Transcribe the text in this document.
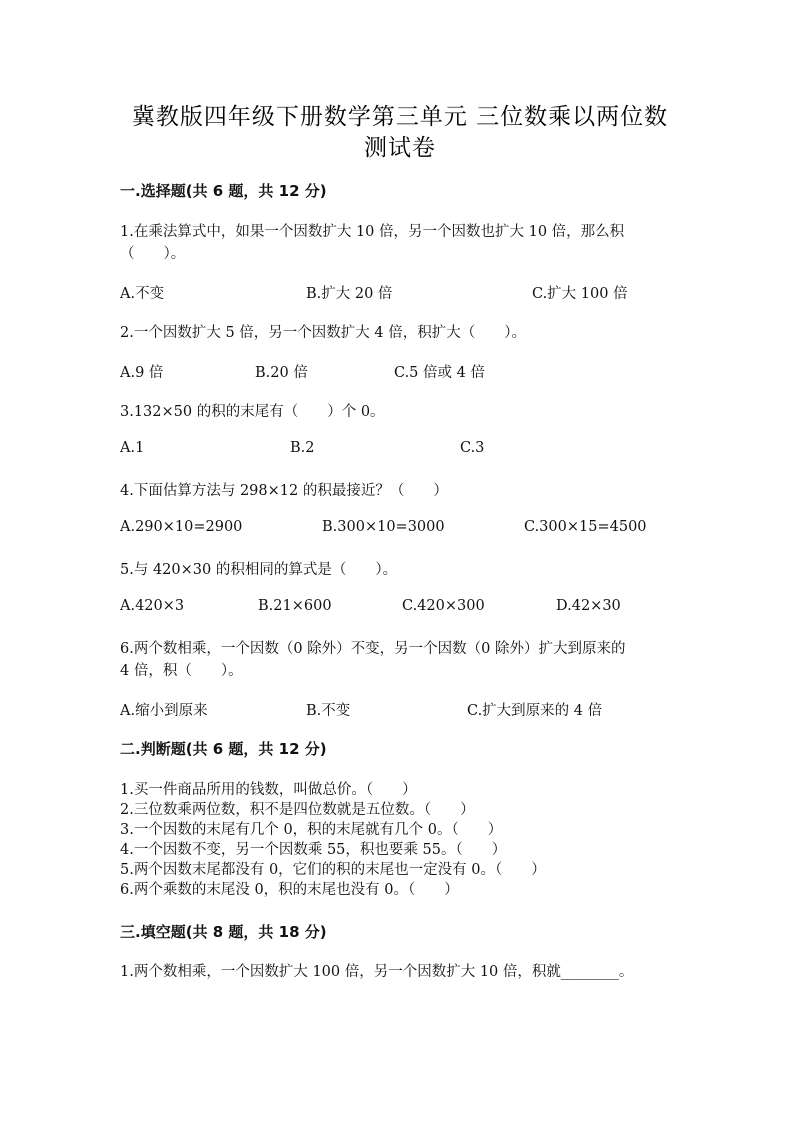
冀教版四年级下册数学第三单元 三位数乘以两位数
测试卷
一.选择题(共 6 题，共 12 分)
1.在乘法算式中，如果一个因数扩大 10 倍，另一个因数也扩大 10 倍，那么积
（　　）。
A.不变	B.扩大 20 倍	C.扩大 100 倍
2.一个因数扩大 5 倍，另一个因数扩大 4 倍，积扩大（　　）。
A.9 倍	B.20 倍	C.5 倍或 4 倍
3.132×50 的积的末尾有（　　）个 0。
A.1	B.2	C.3
4.下面估算方法与 298×12 的积最接近？（　　）
A.290×10=2900	B.300×10=3000	C.300×15=4500
5.与 420×30 的积相同的算式是（　　）。
A.420×3	B.21×600	C.420×300	D.42×30
6.两个数相乘，一个因数（0 除外）不变，另一个因数（0 除外）扩大到原来的
4 倍，积（　　）。
A.缩小到原来	B.不变	C.扩大到原来的 4 倍
二.判断题(共 6 题，共 12 分)
1.买一件商品所用的钱数，叫做总价。（　　）
2.三位数乘两位数，积不是四位数就是五位数。（　　）
3.一个因数的末尾有几个 0，积的末尾就有几个 0。（　　）
4.一个因数不变，另一个因数乘 55，积也要乘 55。（　　）
5.两个因数末尾都没有 0，它们的积的末尾也一定没有 0。（　　）
6.两个乘数的末尾没 0，积的末尾也没有 0。（　　）
三.填空题(共 8 题，共 18 分)
1.两个数相乘，一个因数扩大 100 倍，另一个因数扩大 10 倍，积就________。
